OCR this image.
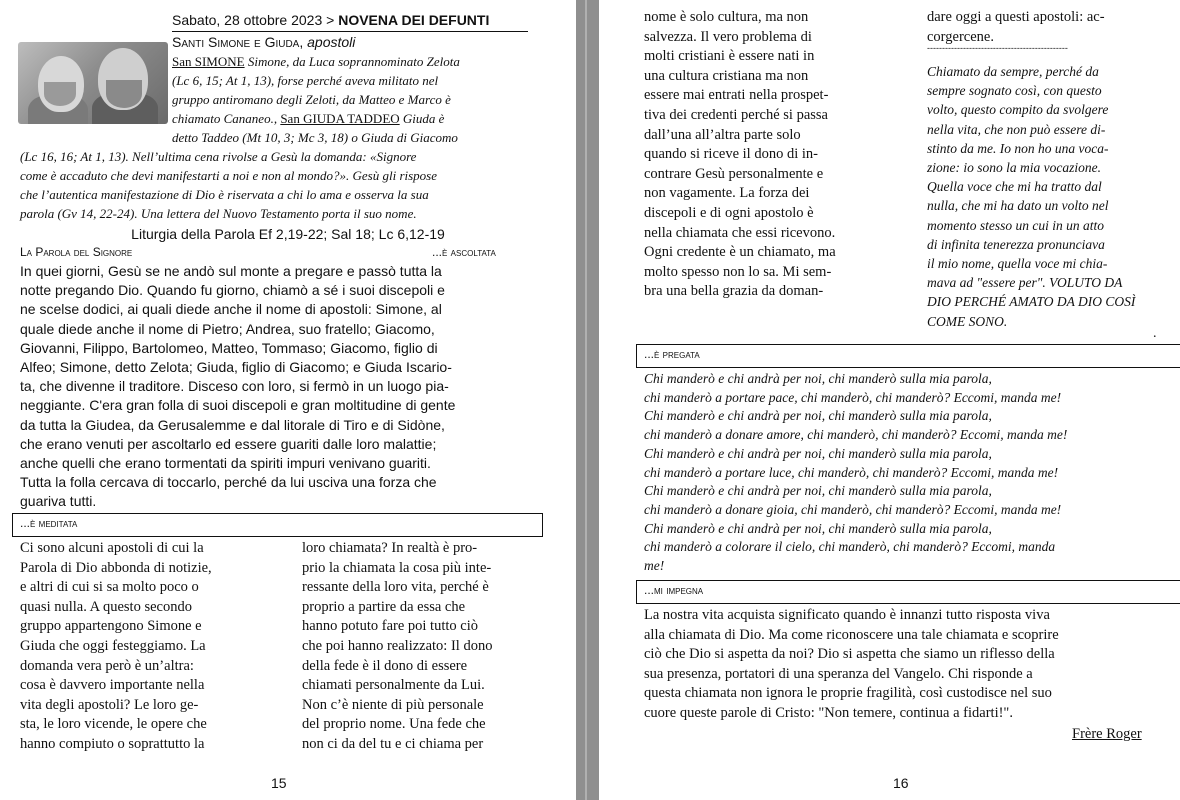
Sabato, 28 ottobre 2023 > NOVENA DEI DEFUNTI
Santi Simone e Giuda, apostoli
San SIMONE Simone, da Luca soprannominato Zelota
(Lc 6, 15; At 1, 13), forse perché aveva militato nel
gruppo antiromano degli Zeloti, da Matteo e Marco è
chiamato Cananeo., San GIUDA TADDEO Giuda è
detto Taddeo (Mt 10, 3; Mc 3, 18) o Giuda di Giacomo
(Lc 16, 16; At 1, 13). Nell’ultima cena rivolse a Gesù la domanda: «Signore
come è accaduto che devi manifestarti a noi e non al mondo?». Gesù gli rispose
che l’autentica manifestazione di Dio è riservata a chi lo ama e osserva la sua
parola (Gv 14, 22-24). Una lettera del Nuovo Testamento porta il suo nome.
Liturgia della Parola Ef 2,19-22; Sal 18; Lc 6,12-19
La Parola del Signore	...è ascoltata
In quei giorni, Gesù se ne andò sul monte a pregare e passò tutta la
notte pregando Dio. Quando fu giorno, chiamò a sé i suoi discepoli e
ne scelse dodici, ai quali diede anche il nome di apostoli: Simone, al
quale diede anche il nome di Pietro; Andrea, suo fratello; Giacomo,
Giovanni, Filippo, Bartolomeo, Matteo, Tommaso; Giacomo, figlio di
Alfeo; Simone, detto Zelota; Giuda, figlio di Giacomo; e Giuda Iscario-
ta, che divenne il traditore. Disceso con loro, si fermò in un luogo pia-
neggiante. C'era gran folla di suoi discepoli e gran moltitudine di gente
da tutta la Giudea, da Gerusalemme e dal litorale di Tiro e di Sidòne,
che erano venuti per ascoltarlo ed essere guariti dalle loro malattie;
anche quelli che erano tormentati da spiriti impuri venivano guariti.
Tutta la folla cercava di toccarlo, perché da lui usciva una forza che
guariva tutti.
...è meditata
Ci sono alcuni apostoli di cui la
Parola di Dio abbonda di notizie,
e altri di cui si sa molto poco o
quasi nulla. A questo secondo
gruppo appartengono Simone e
Giuda che oggi festeggiamo. La
domanda vera però è un’altra:
cosa è davvero importante nella
vita degli apostoli? Le loro ge-
sta, le loro vicende, le opere che
hanno compiuto o soprattutto la
loro chiamata? In realtà è pro-
prio la chiamata la cosa più inte-
ressante della loro vita, perché è
proprio a partire da essa che
hanno potuto fare poi tutto ciò
che poi hanno realizzato: Il dono
della fede è il dono di essere
chiamati personalmente da Lui.
Non c’è niente di più personale
del proprio nome. Una fede che
non ci da del tu e ci chiama per
15
nome è solo cultura, ma non
salvezza. Il vero problema di
molti cristiani è essere nati in
una cultura cristiana ma non
essere mai entrati nella prospet-
tiva dei credenti perché si passa
dall’una all’altra parte solo
quando si riceve il dono di in-
contrare Gesù personalmente e
non vagamente. La forza dei
discepoli e di ogni apostolo è
nella chiamata che essi ricevono.
Ogni credente è un chiamato, ma
molto spesso non lo sa. Mi sem-
bra una bella grazia da doman-
dare oggi a questi apostoli: ac-
corgercene.
-----------------------------------------------
Chiamato da sempre, perché da
sempre sognato così, con questo
volto, questo compito da svolgere
nella vita, che non può essere di-
stinto da me. Io non ho una voca-
zione: io sono la mia vocazione.
Quella voce che mi ha tratto dal
nulla, che mi ha dato un volto nel
momento stesso un cui in un atto
di infinita tenerezza pronunciava
il mio nome, quella voce mi chia-
mava ad "essere per". VOLUTO DA
DIO PERCHÉ AMATO DA DIO COSÌ
COME SONO.
.
...è pregata
Chi manderò e chi andrà per noi, chi manderò sulla mia parola,
chi manderò a portare pace, chi manderò, chi manderò? Eccomi, manda me!
Chi manderò e chi andrà per noi, chi manderò sulla mia parola,
chi manderò a donare amore, chi manderò, chi manderò? Eccomi, manda me!
Chi manderò e chi andrà per noi, chi manderò sulla mia parola,
chi manderò a portare luce, chi manderò, chi manderò? Eccomi, manda me!
Chi manderò e chi andrà per noi, chi manderò sulla mia parola,
chi manderò a donare gioia, chi manderò, chi manderò? Eccomi, manda me!
Chi manderò e chi andrà per noi, chi manderò sulla mia parola,
chi manderò a colorare il cielo, chi manderò, chi manderò? Eccomi, manda
me!
...mi impegna
La nostra vita acquista significato quando è innanzi tutto risposta viva
alla chiamata di Dio. Ma come riconoscere una tale chiamata e scoprire
ciò che Dio si aspetta da noi? Dio si aspetta che siamo un riflesso della
sua presenza, portatori di una speranza del Vangelo. Chi risponde a
questa chiamata non ignora le proprie fragilità, così custodisce nel suo
cuore queste parole di Cristo: "Non temere, continua a fidarti!".
Frère Roger
16
